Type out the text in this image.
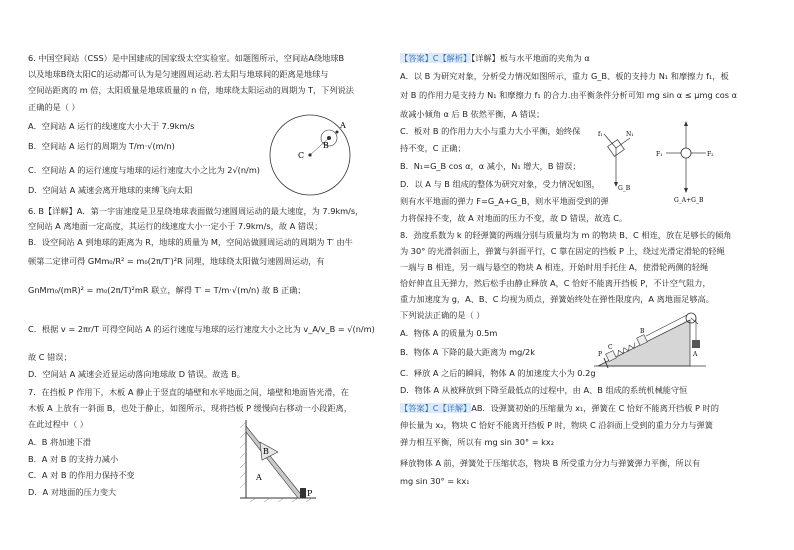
6. 中国空间站（CSS）是中国建成的国家级太空实验室。如题图所示，空间站A绕地球B
以及地球B绕太阳C的运动都可认为是匀速圆周运动.若太阳与地球间的距离是地球与
空间站距离的 m 倍，太阳质量是地球质量的 n 倍，地球绕太阳运动的周期为 T，下列说法
正确的是（ ）
A．空间站 A 运行的线速度大小大于 7.9km/s
B．空间站 A 运行的周期为 T/m·√(m/n)
C．空间站 A 的运行速度与地球的运行速度大小之比为 2√(n/m)
D．空间站 A 减速会离开地球的束缚飞向太阳
6. B【详解】A．第一宇宙速度是卫星绕地球表面做匀速圆周运动的最大速度，为 7.9km/s，
空间站 A 离地面一定高度，其运行的线速度大小一定小于 7.9km/s，故 A 错误；
B．设空间站 A 到地球的距离为 R，地球的质量为 M，空间站做圆周运动的周期为 T′ 由牛
顿第二定律可得 GMm₀/R² = m₀(2π/T′)²R 同理，地球绕太阳做匀速圆周运动，有
GnMm₀/(mR)² = m₀(2π/T)²mR 联立，解得 T′ = T/m·√(m/n) 故 B 正确；
C．根据 v = 2πr/T 可得空间站 A 的运行速度与地球的运行速度大小之比为 v_A/v_B = √(n/m)
故 C 错误；
D．空间站 A 减速会近显运动落向地球故 D 错误。故选 B。
7．在挡板 P 作用下，木板 A 静止于竖直的墙壁和水平地面之间，墙壁和地面皆光滑，在
木板 A 上放有一斜面 B，也处于静止，如图所示，现将挡板 P 缓慢向右移动一小段距离，
在此过程中（ ）
A．B 将加速下滑
B．A 对 B 的支持力减小
C．A 对 B 的作用力保持不变
D．A 对地面的压力变大
C
B
A
B
A
P
【答案】C【解析】【详解】板与水平地面的夹角为 α
A．以 B 为研究对象，分析受力情况如图所示，重力 G_B、板的支持力 N₁ 和摩擦力 f₁，板
对 B 的作用力是支持力 N₁ 和摩擦力 f₁ 的合力.由平衡条件分析可知 mg sin α ≤ μmg cos α
故减小倾角 α 后 B 依然平衡，A 错误；
C．板对 B 的作用力大小与重力大小平衡，始终保
持不变，C 正确；
B．N₁=G_B cos α，α 减小，N₁ 增大，B 错误；
D．以 A 与 B 组成的整体为研究对象，受力情况如图，
则有水平地面的弹力 F=G_A+G_B，则水平地面受到的弹
力将保持不变，故 A 对地面的压力不变，故 D 错误，故选 C。
8．劲度系数为 k 的轻弹簧的两端分别与质量均为 m 的物块 B、C 相连，放在足够长的倾角
为 30° 的光滑斜面上，弹簧与斜面平行，C 靠在固定的挡板 P 上，绕过光滑定滑轮的轻绳
一端与 B 相连，另一端与悬空的物块 A 相连，开始时用手托住 A，使滑轮两侧的轻绳
恰好伸直且无弹力，然后松手由静止释放 A，C 恰好不能离开挡板 P，不计空气阻力，
重力加速度为 g，A、B、C 均视为质点，弹簧始终处在弹性限度内，A 离地面足够高。
下列说法正确的是（ ）
A．物体 A 的质量为 0.5m
B．物体 A 下降的最大距离为 mg/2k
C．释放 A 之后的瞬间，物体 A 的加速度大小为 0.2g
D．物体 A 从被释放到下降至最低点的过程中，由 A、B 组成的系统机械能守恒
【答案】C【详解】AB．设弹簧初始的压缩量为 x₁，弹簧在 C 恰好不能离开挡板 P 时的
伸长量为 x₂，物块 C 恰好不能离开挡板 P 时，物块 C 沿斜面上受到的重力分力与弹簧
弹力相互平衡，所以有 mg sin 30° = kx₂
释放物体 A 前，弹簧处于压缩状态，物块 B 所受重力分力与弹簧弹力平衡，所以有
mg sin 30° = kx₁
N₁
f₁
G_B
F₁	F₂
G_A+G_B
P
C
B
A
